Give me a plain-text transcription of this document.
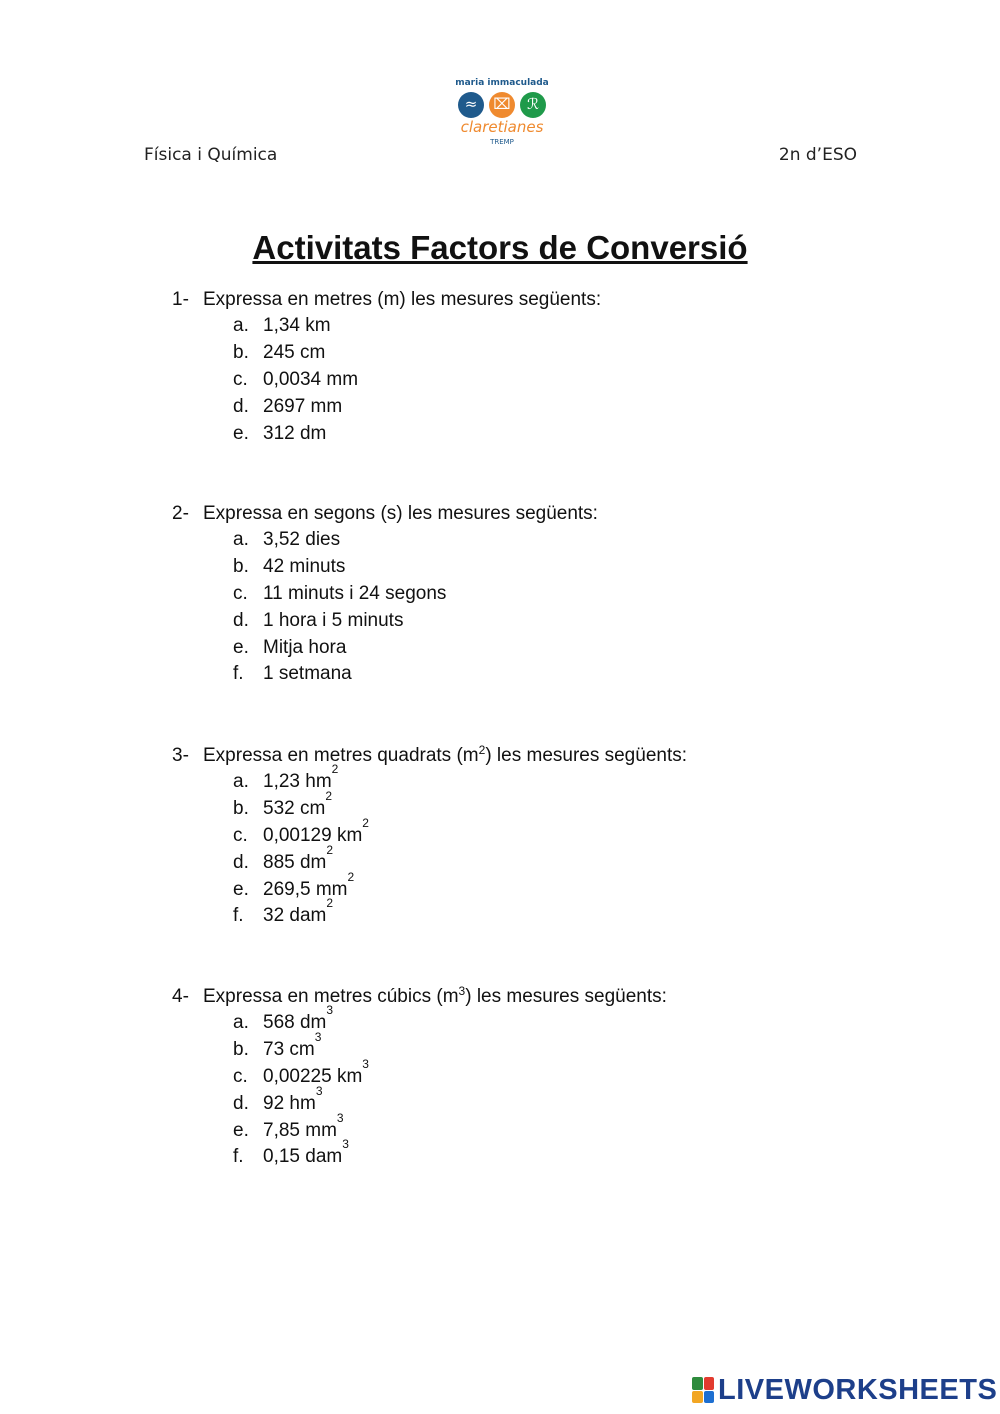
maria immaculada
≈	⌧	ℛ
claretianes
TREMP
Física i Química	2n d’ESO
Activitats Factors de Conversió
1- Expressa en metres (m) les mesures següents:
a. 1,34 km
b. 245 cm
c. 0,0034 mm
d. 2697 mm
e. 312 dm
2- Expressa en segons (s) les mesures següents:
a. 3,52 dies
b. 42 minuts
c. 11 minuts i 24 segons
d. 1 hora i 5 minuts
e. Mitja hora
f.	1 setmana
3- Expressa en metres quadrats $(m^2)$ les mesures següents:
a. 1,23 hm
2
b. 532 cm
2
c. 0,00129 km
2
d. 885 dm
2
e. 269,5 mm
2
f.	32 dam
2
4- Expressa en metres cúbics $(m^3)$ les mesures següents:
a. 568 dm
3
b. 73 cm
3
c. 0,00225 km
3
d. 92 hm
3
e. 7,85 mm
3
f.	0,15 dam
3
LIVEWORKSHEETS
